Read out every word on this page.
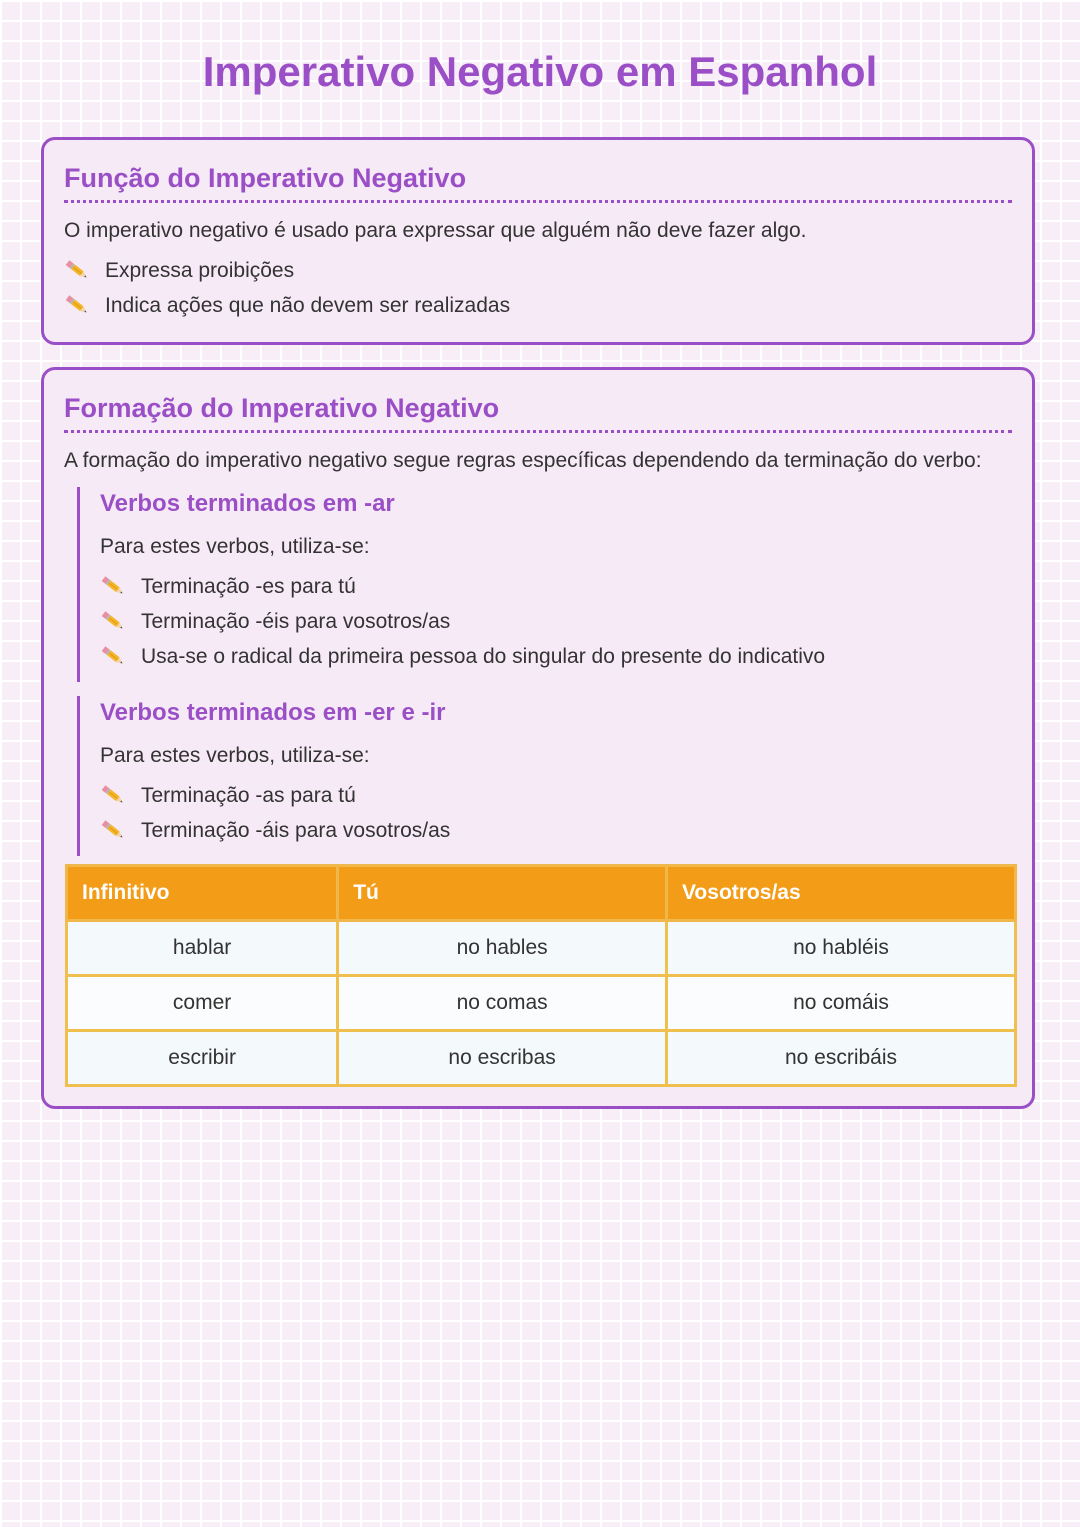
Imperativo Negativo em Espanhol
Função do Imperativo Negativo

O imperativo negativo é usado para expressar que alguém não deve fazer algo.

Expressa proibições
Indica ações que não devem ser realizadas
Formação do Imperativo Negativo

A formação do imperativo negativo segue regras específicas dependendo da terminação do verbo:

Verbos terminados em -ar

Para estes verbos, utiliza-se:

Terminação -es para tú
Terminação -éis para vosotros/as
Usa-se o radical da primeira pessoa do singular do presente do indicativo
Verbos terminados em -er e -ir

Para estes verbos, utiliza-se:

Terminação -as para tú
Terminação -áis para vosotros/as
Infinitivo	Tú	Vosotros/as
hablar	no hables	no habléis
comer	no comas	no comáis
escribir	no escribas	no escribáis
